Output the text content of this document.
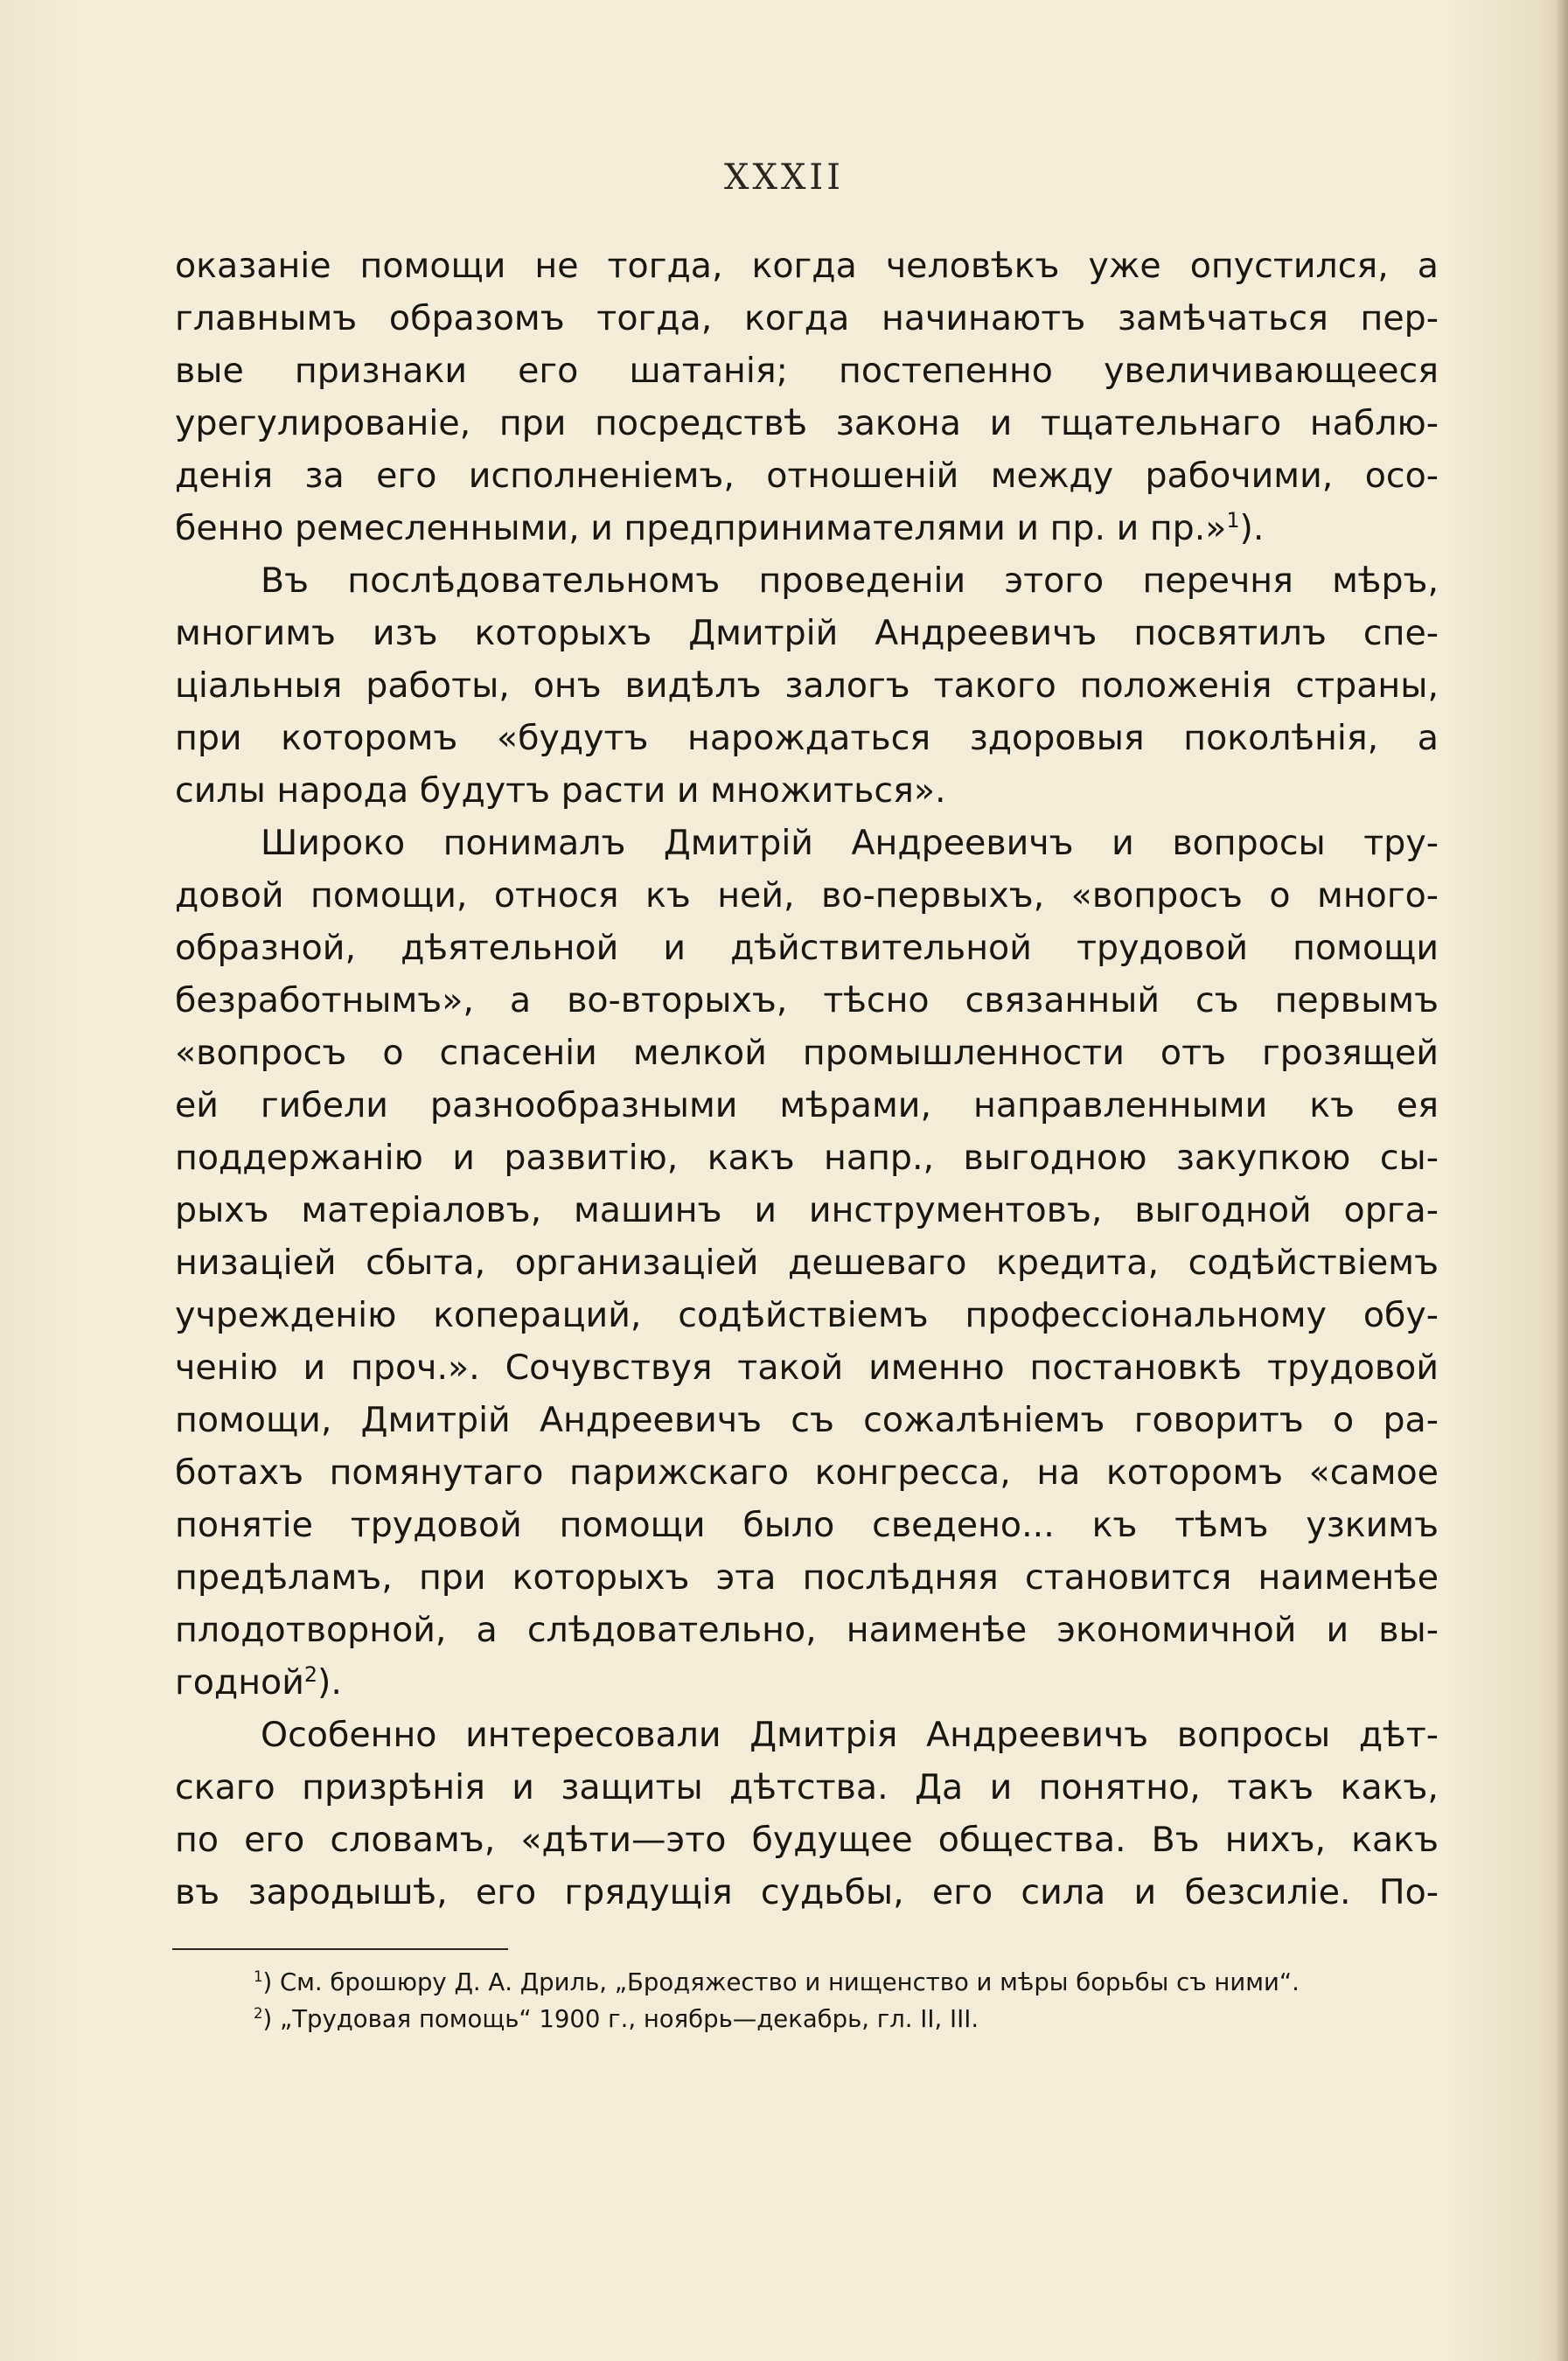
XXXII
оказаніе помощи не тогда, когда человѣкъ уже опустился, а
главнымъ образомъ тогда, когда начинаютъ замѣчаться пер-
вые признаки его шатанія; постепенно увеличивающееся
урегулированіе, при посредствѣ закона и тщательнаго наблю-
денія за его исполненіемъ, отношеній между рабочими, осо-
бенно ремесленными, и предпринимателями и пр. и пр.»$^1$).
Въ послѣдовательномъ проведеніи этого перечня мѣръ,
многимъ изъ которыхъ Дмитрій Андреевичъ посвятилъ спе-
ціальныя работы, онъ видѣлъ залогъ такого положенія страны,
при которомъ «будутъ нарождаться здоровыя поколѣнія, а
силы народа будутъ расти и множиться».
Широко понималъ Дмитрій Андреевичъ и вопросы тру-
довой помощи, относя къ ней, во-первыхъ, «вопросъ о много-
образной, дѣятельной и дѣйствительной трудовой помощи
безработнымъ», а во-вторыхъ, тѣсно связанный съ первымъ
«вопросъ о спасеніи мелкой промышленности отъ грозящей
ей гибели разнообразными мѣрами, направленными къ ея
поддержанію и развитію, какъ напр., выгодною закупкою сы-
рыхъ матеріаловъ, машинъ и инструментовъ, выгодной орга-
низаціей сбыта, организаціей дешеваго кредита, содѣйствіемъ
учрежденію копераций, содѣйствіемъ профессіональному обу-
ченію и проч.». Сочувствуя такой именно постановкѣ трудовой
помощи, Дмитрій Андреевичъ съ сожалѣніемъ говоритъ о ра-
ботахъ помянутаго парижскаго конгресса, на которомъ «самое
понятіе трудовой помощи было сведено... къ тѣмъ узкимъ
предѣламъ, при которыхъ эта послѣдняя становится наименѣе
плодотворной, а слѣдовательно, наименѣе экономичной и вы-
годной$^2$).
Особенно интересовали Дмитрія Андреевичъ вопросы дѣт-
скаго призрѣнія и защиты дѣтства. Да и понятно, такъ какъ,
по его словамъ, «дѣти—это будущее общества. Въ нихъ, какъ
въ зародышѣ, его грядущія судьбы, его сила и безсиліе. По-
$^1$) См. брошюру Д. А. Дриль, „Бродяжество и нищенство и мѣры борьбы съ ними“.
$^2$) „Трудовая помощь“ 1900 г., ноябрь—декабрь, гл. II, III.
